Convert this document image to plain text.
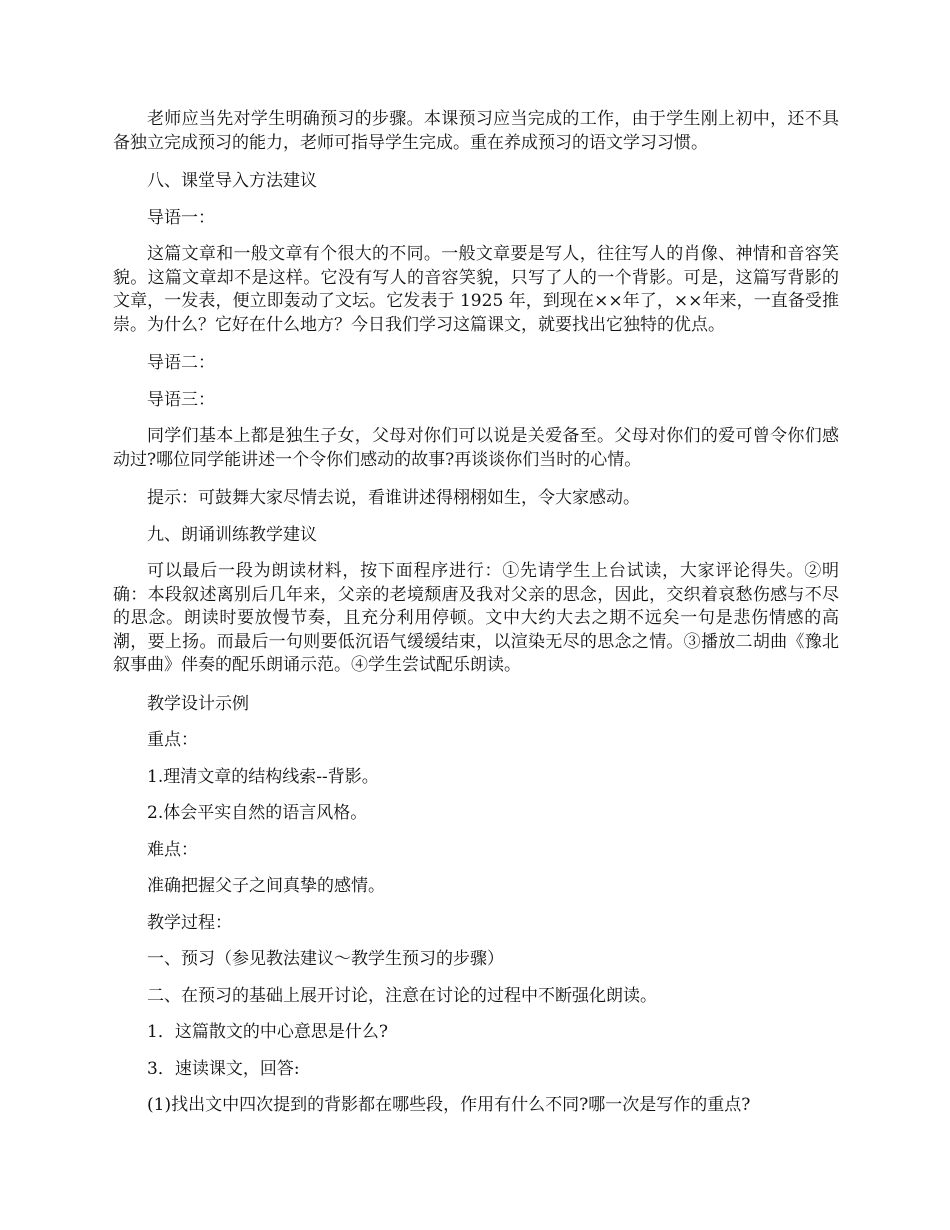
老师应当先对学生明确预习的步骤。本课预习应当完成的工作，由于学生刚上初中，还不具备独立完成预习的能力，老师可指导学生完成。重在养成预习的语文学习习惯。

八、课堂导入方法建议

导语一：

这篇文章和一般文章有个很大的不同。一般文章要是写人，往往写人的肖像、神情和音容笑貌。这篇文章却不是这样。它没有写人的音容笑貌，只写了人的一个背影。可是，这篇写背影的文章，一发表，便立即轰动了文坛。它发表于 1925 年，到现在××年了，××年来，一直备受推崇。为什么？它好在什么地方？今日我们学习这篇课文，就要找出它独特的优点。

导语二：

导语三：

同学们基本上都是独生子女，父母对你们可以说是关爱备至。父母对你们的爱可曾令你们感动过?哪位同学能讲述一个令你们感动的故事?再谈谈你们当时的心情。

提示：可鼓舞大家尽情去说，看谁讲述得栩栩如生，令大家感动。

九、朗诵训练教学建议

可以最后一段为朗读材料，按下面程序进行：①先请学生上台试读，大家评论得失。②明确：本段叙述离别后几年来，父亲的老境颓唐及我对父亲的思念，因此，交织着哀愁伤感与不尽的思念。朗读时要放慢节奏，且充分利用停顿。文中大约大去之期不远矣一句是悲伤情感的高潮，要上扬。而最后一句则要低沉语气缓缓结束，以渲染无尽的思念之情。③播放二胡曲《豫北叙事曲》伴奏的配乐朗诵示范。④学生尝试配乐朗读。

教学设计示例

重点：

1.理清文章的结构线索--背影。

2.体会平实自然的语言风格。

难点：

准确把握父子之间真挚的感情。

教学过程：

一、预习（参见教法建议～教学生预习的步骤）

二、在预习的基础上展开讨论，注意在讨论的过程中不断强化朗读。

1．这篇散文的中心意思是什么?

3．速读课文，回答:

(1)找出文中四次提到的背影都在哪些段，作用有什么不同?哪一次是写作的重点?
